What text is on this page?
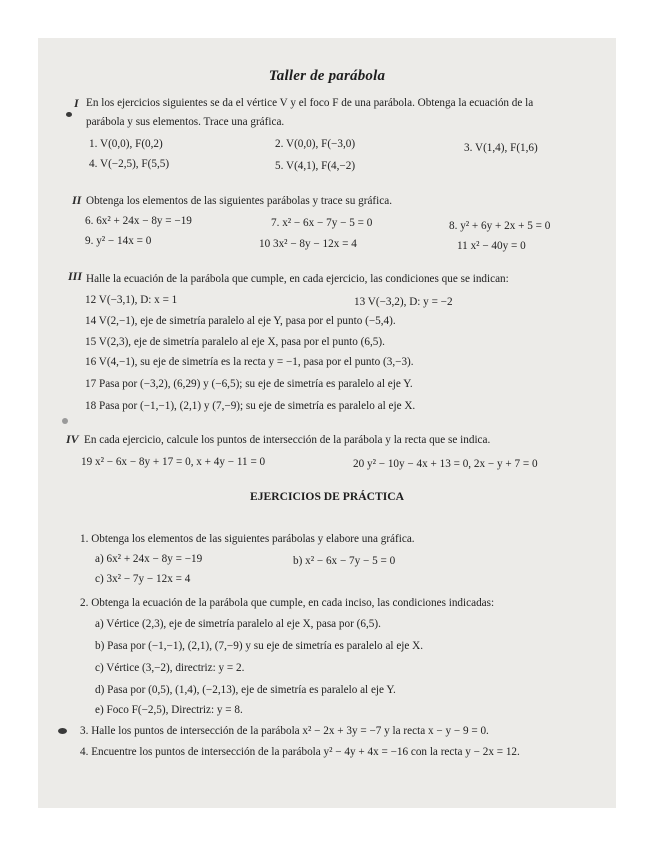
Taller de parábola
I En los ejercicios siguientes se da el vértice V y el foco F de una parábola. Obtenga la ecuación de la
parábola y sus elementos. Trace una gráfica.
1. V(0,0), F(0,2)	2. V(0,0), F(−3,0)	3. V(1,4), F(1,6)
4. V(−2,5), F(5,5)	5. V(4,1), F(4,−2)
II Obtenga los elementos de las siguientes parábolas y trace su gráfica.
6. 6x² + 24x − 8y = −19	7. x² − 6x − 7y − 5 = 0	8. y² + 6y + 2x + 5 = 0
9. y² − 14x = 0	10 3x² − 8y − 12x = 4	11 x² − 40y = 0
III Halle la ecuación de la parábola que cumple, en cada ejercicio, las condiciones que se indican:
12 V(−3,1), D: x = 1	13 V(−3,2), D: y = −2
14 V(2,−1), eje de simetría paralelo al eje Y, pasa por el punto (−5,4).
15 V(2,3), eje de simetría paralelo al eje X, pasa por el punto (6,5).
16 V(4,−1), su eje de simetría es la recta y = −1, pasa por el punto (3,−3).
17 Pasa por (−3,2), (6,29) y (−6,5); su eje de simetría es paralelo al eje Y.
18 Pasa por (−1,−1), (2,1) y (7,−9); su eje de simetría es paralelo al eje X.
IV En cada ejercicio, calcule los puntos de intersección de la parábola y la recta que se indica.
19 x² − 6x − 8y + 17 = 0, x + 4y − 11 = 0	20 y² − 10y − 4x + 13 = 0, 2x − y + 7 = 0
EJERCICIOS DE PRÁCTICA
1. Obtenga los elementos de las siguientes parábolas y elabore una gráfica.
a) 6x² + 24x − 8y = −19	b) x² − 6x − 7y − 5 = 0
c) 3x² − 7y − 12x = 4
2. Obtenga la ecuación de la parábola que cumple, en cada inciso, las condiciones indicadas:
a) Vértice (2,3), eje de simetría paralelo al eje X, pasa por (6,5).
b) Pasa por (−1,−1), (2,1), (7,−9) y su eje de simetría es paralelo al eje X.
c) Vértice (3,−2), directriz: y = 2.
d) Pasa por (0,5), (1,4), (−2,13), eje de simetría es paralelo al eje Y.
e) Foco F(−2,5), Directriz: y = 8.
3. Halle los puntos de intersección de la parábola x² − 2x + 3y = −7 y la recta x − y − 9 = 0.
4. Encuentre los puntos de intersección de la parábola y² − 4y + 4x = −16 con la recta y − 2x = 12.
